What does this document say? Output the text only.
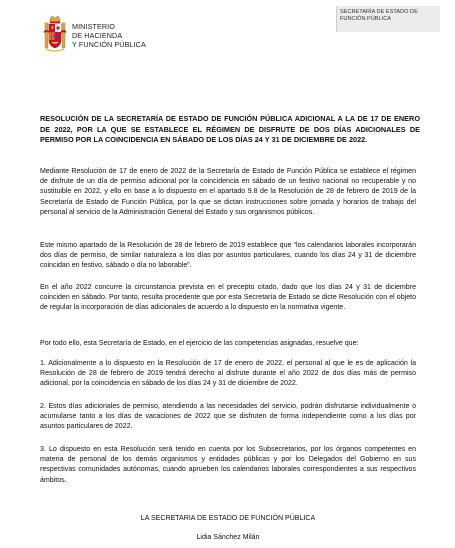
MINISTERIO
DE HACIENDA
Y FUNCIÓN PÚBLICA
SECRETARÍA DE ESTADO DE
FUNCIÓN PÚBLICA
RESOLUCIÓN DE LA SECRETARÍA DE ESTADO DE FUNCIÓN PÚBLICA ADICIONAL A LA DE 17 DE ENERO DE 2022, POR LA QUE SE ESTABLECE EL RÉGIMEN DE DISFRUTE DE DOS DÍAS ADICIONALES DE PERMISO POR LA COINCIDENCIA EN SÁBADO DE LOS DÍAS 24 Y 31 DE DICIEMBRE DE 2022.
Mediante Resolución de 17 de enero de 2022 de la Secretaría de Estado de Función Pública se establece el régimen de disfrute de un día de permiso adicional por la coincidencia en sábado de un festivo nacional no recuperable y no sustituible en 2022, y ello en base a lo dispuesto en el apartado 9.8 de la Resolución de 28 de febrero de 2019 de la Secretaría de Estado de Función Pública, por la que se dictan instrucciones sobre jornada y horarios de trabajo del personal al servicio de la Administración General del Estado y sus organismos públicos.
Este mismo apartado de la Resolución de 28 de febrero de 2019 establece que “los calendarios laborales incorporarán dos días de permiso, de similar naturaleza a los días por asuntos particulares, cuando los días 24 y 31 de diciembre coincidan en festivo, sábado o día no laborable”.
En el año 2022 concurre la circunstancia prevista en el precepto citado, dado que los días 24 y 31 de diciembre coinciden en sábado. Por tanto, resulta procedente que por esta Secretaría de Estado se dicte Resolución con el objeto de regular la incorporación de días adicionales de acuerdo a lo dispuesto en la normativa vigente.
Por todo ello, esta Secretaría de Estado, en el ejercicio de las competencias asignadas, resuelve que:
1. Adicionalmente a lo dispuesto en la Resolución de 17 de enero de 2022, el personal al que le es de aplicación la Resolución de 28 de febrero de 2019 tendrá derecho al disfrute durante el año 2022 de dos días más de permiso adicional, por la coincidencia en sábado de los días 24 y 31 de diciembre de 2022.
2. Estos días adicionales de permiso, atendiendo a las necesidades del servicio, podrán disfrutarse individualmente o acumularse tanto a los días de vacaciones de 2022 que se disfruten de forma independiente como a los días por asuntos particulares de 2022.
3. Lo dispuesto en esta Resolución será tenido en cuenta por los Subsecretarios, por los órganos competentes en materia de personal de los demás organismos y entidades públicas y por los Delegados del Gobierno en sus respectivas comunidades autónomas, cuando aprueben los calendarios laborales correspondientes a sus respectivos ámbitos.
LA SECRETARIA DE ESTADO DE FUNCIÓN PÚBLICA
Lidia Sánchez Milán
